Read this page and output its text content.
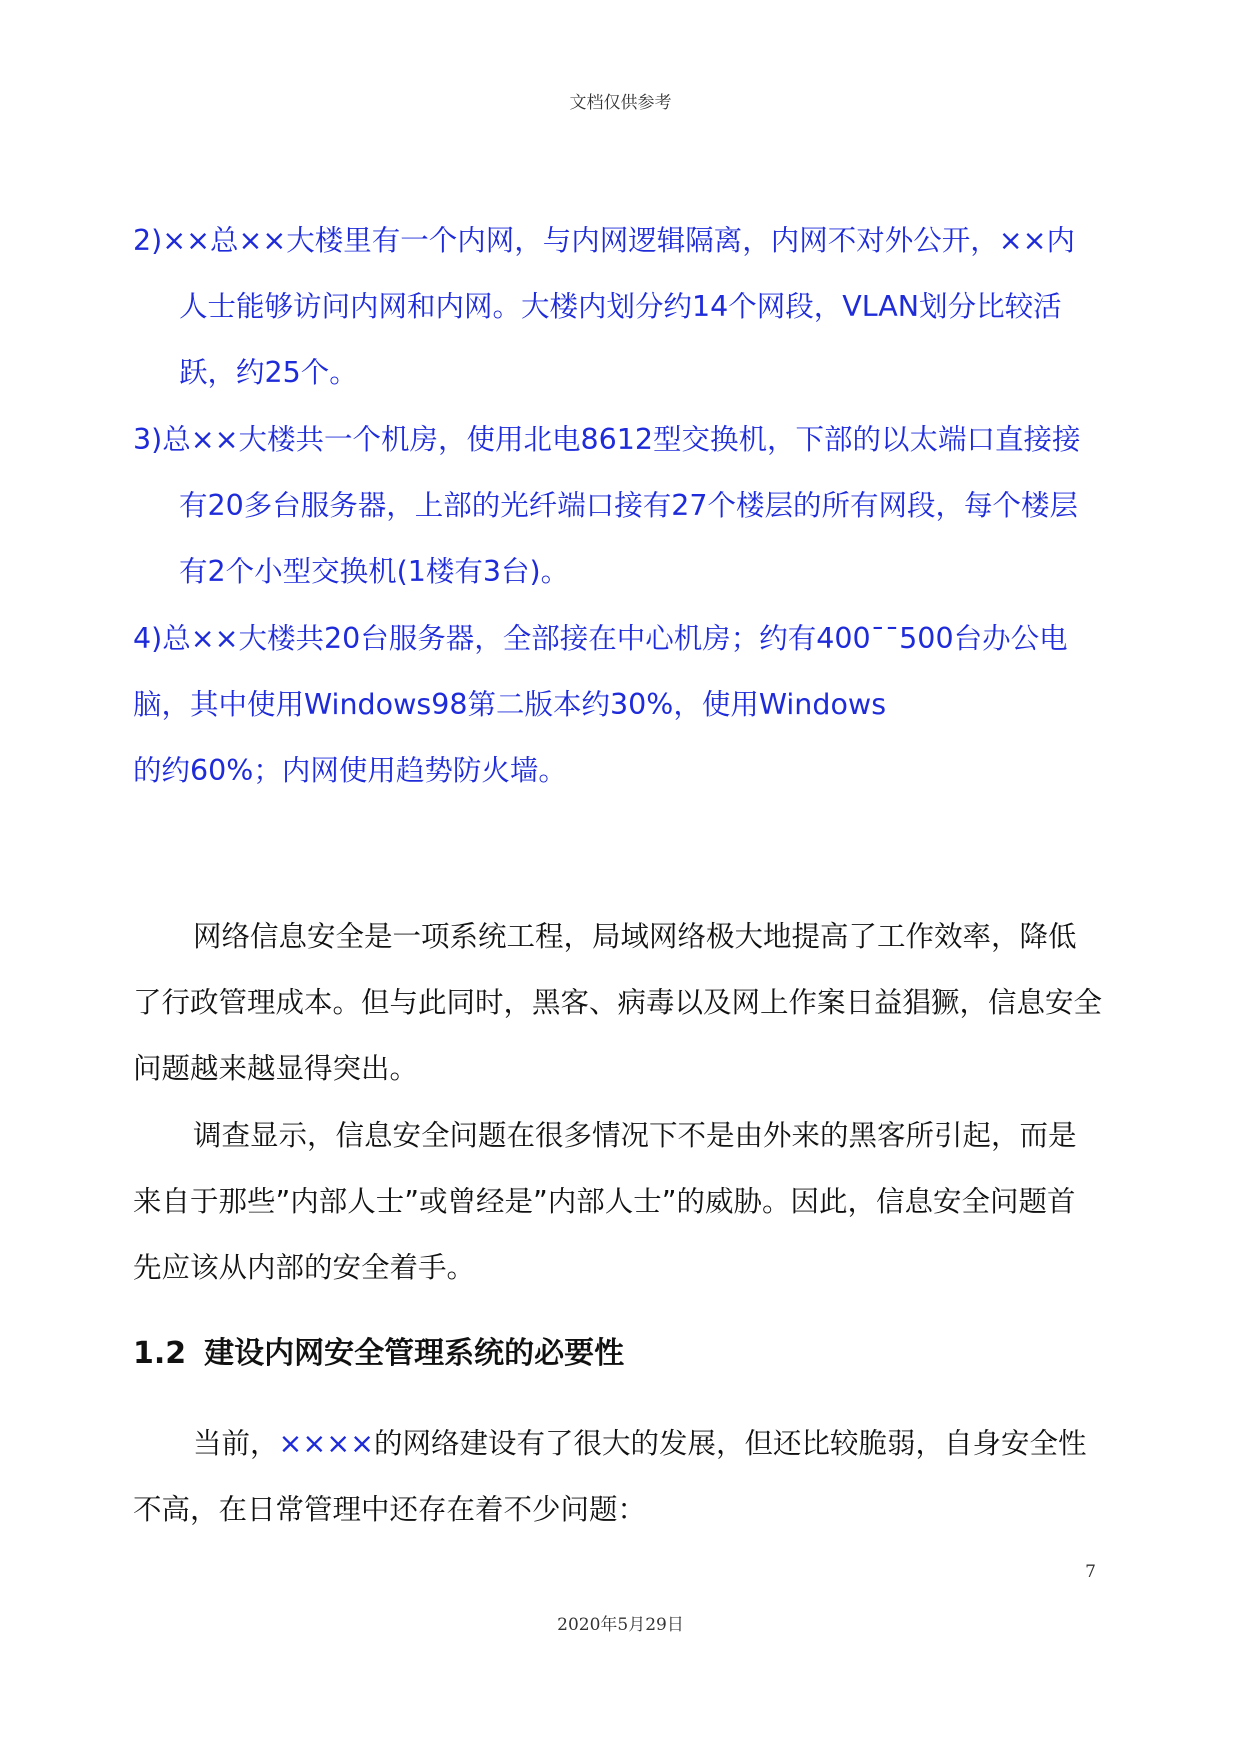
文档仅供参考

2)××总××大楼里有一个内网，与内网逻辑隔离，内网不对外公开，××内人士能够访问内网和内网。大楼内划分约14个网段，VLAN划分比较活跃，约25个。

3)总××大楼共一个机房，使用北电8612型交换机，下部的以太端口直接接有20多台服务器，上部的光纤端口接有27个楼层的所有网段，每个楼层有2个小型交换机(1楼有3台)。

4)总××大楼共20台服务器，全部接在中心机房；约有400¯¯500台办公电脑，其中使用Windows98第二版本约30%，使用Windows

的约60%；内网使用趋势防火墙。

网络信息安全是一项系统工程，局域网络极大地提高了工作效率，降低了行政管理成本。但与此同时，黑客、病毒以及网上作案日益猖獗，信息安全问题越来越显得突出。

调查显示，信息安全问题在很多情况下不是由外来的黑客所引起，而是来自于那些”内部人士”或曾经是”内部人士”的威胁。因此，信息安全问题首先应该从内部的安全着手。

1.2 建设内网安全管理系统的必要性

当前，××××的网络建设有了很大的发展，但还比较脆弱，自身安全性不高，在日常管理中还存在着不少问题：

7
2020年5月29日
